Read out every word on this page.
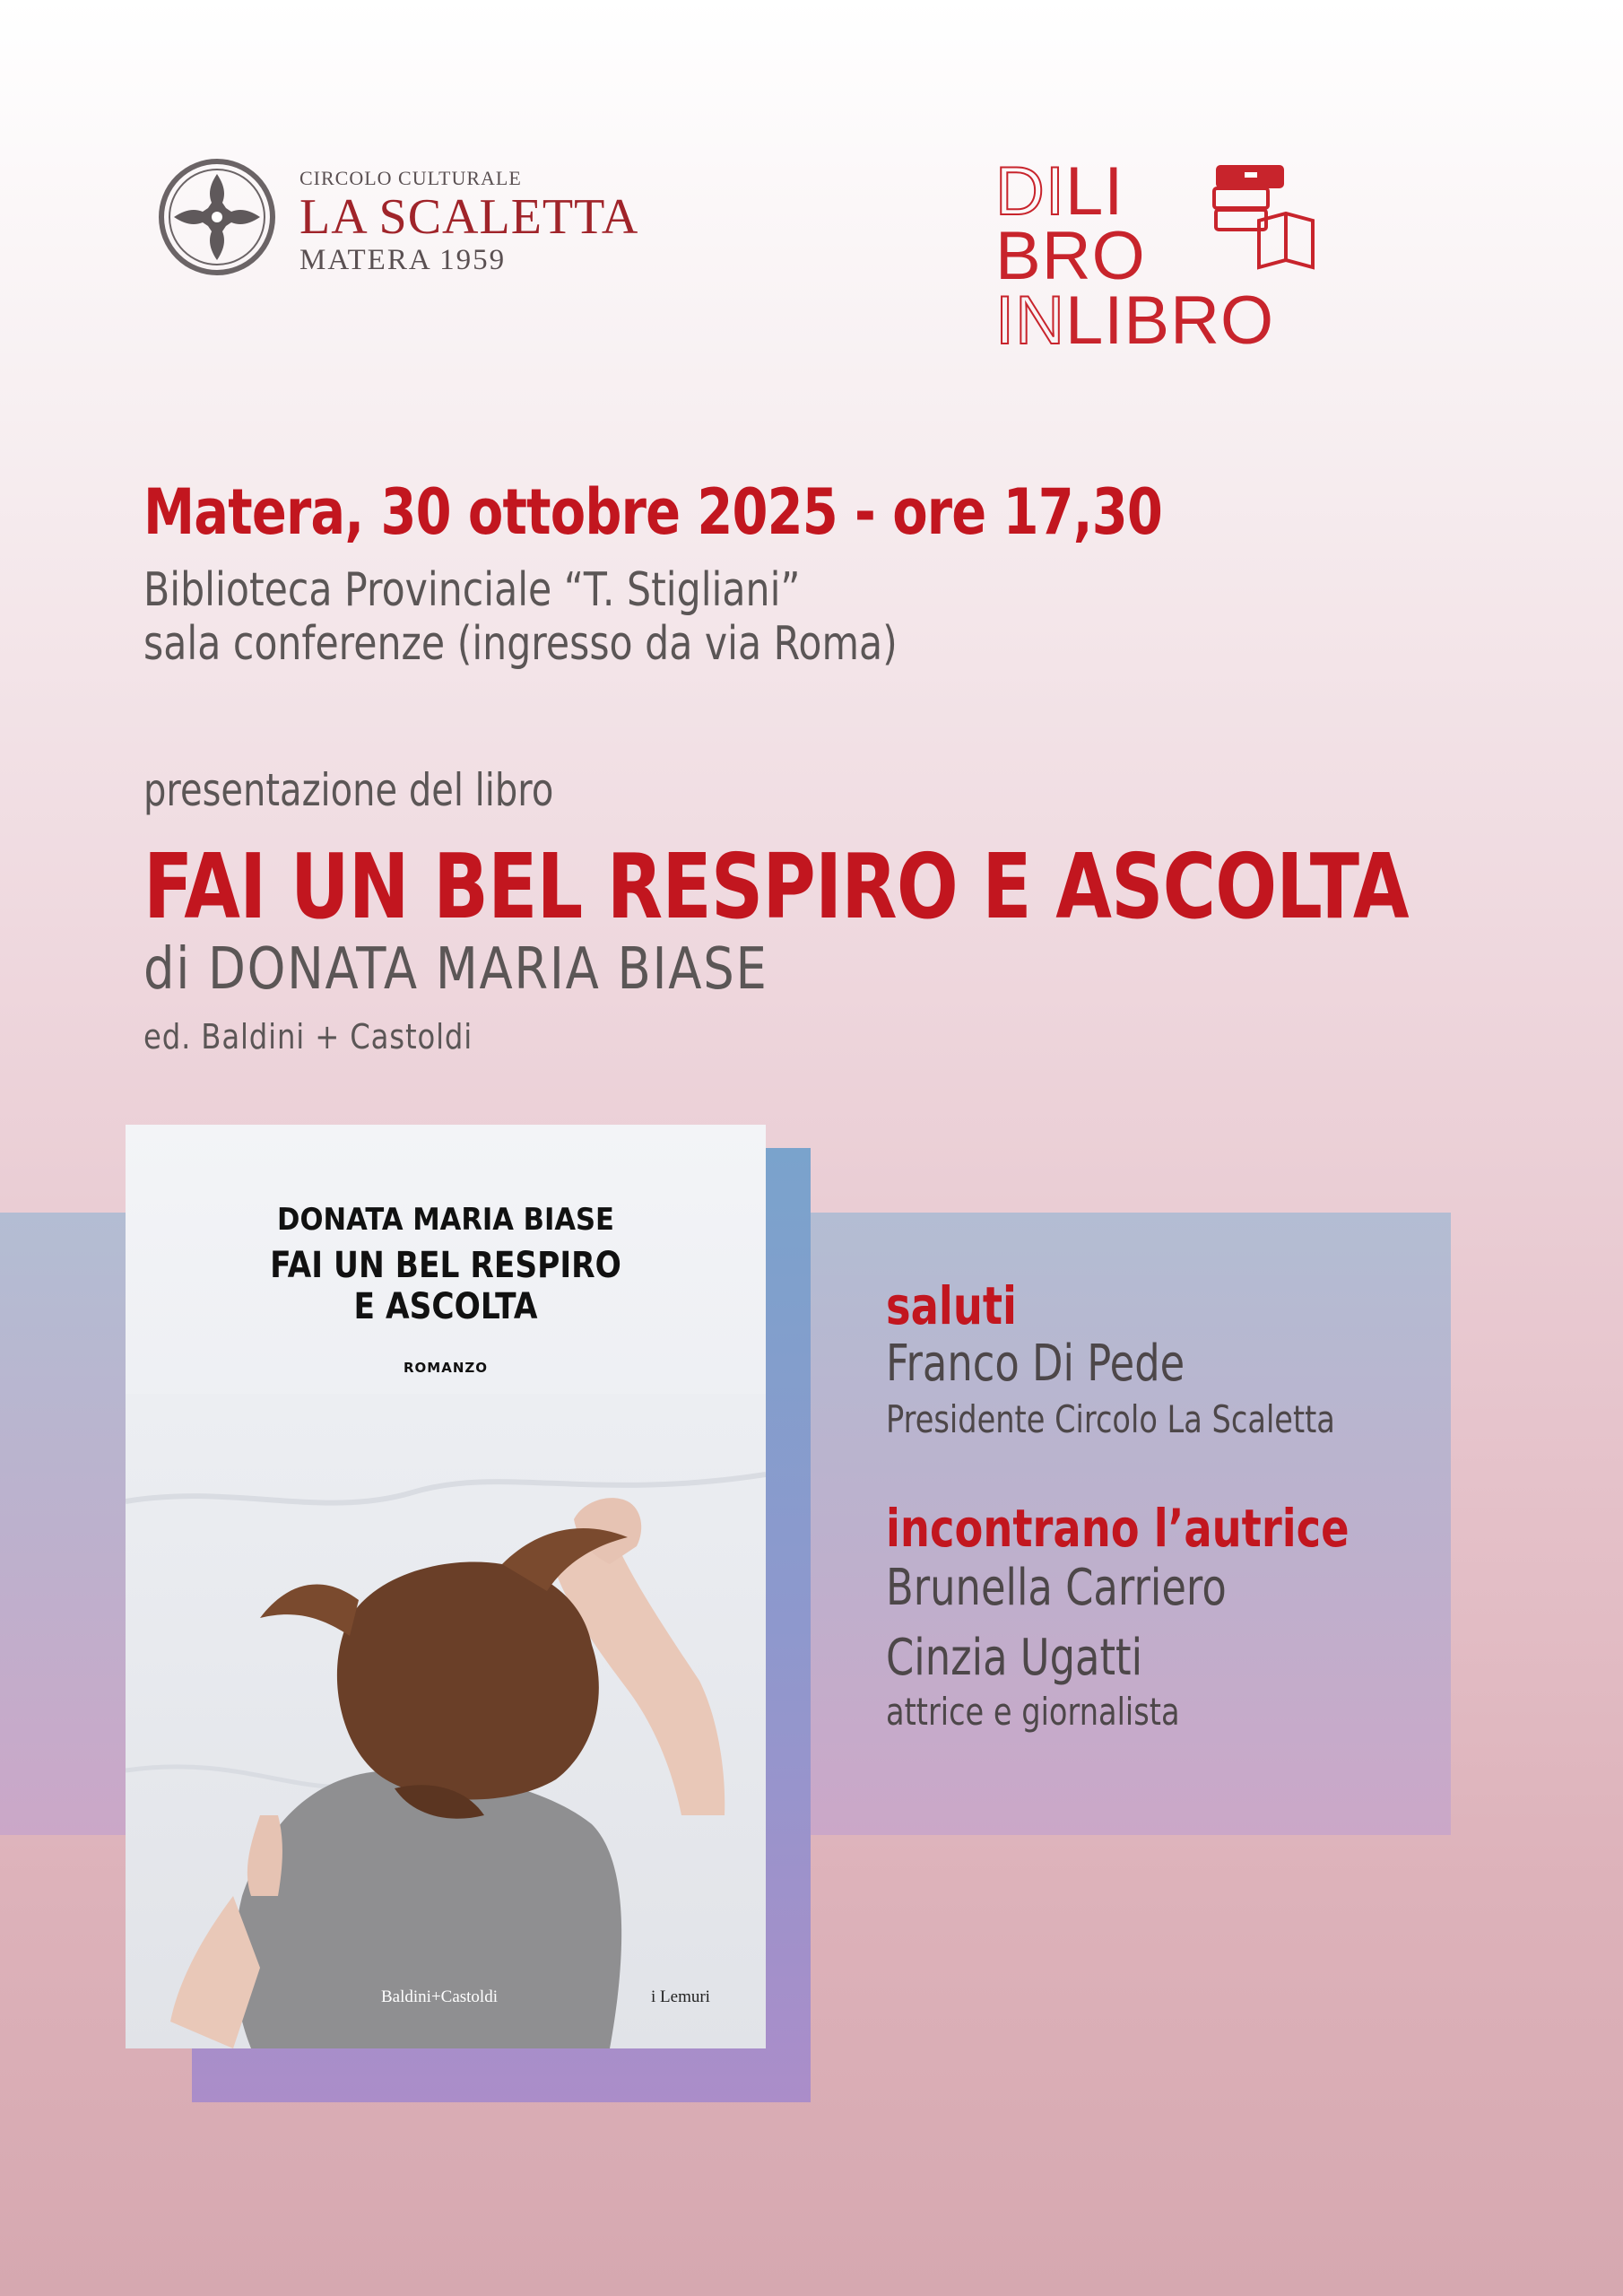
CIRCOLO CULTURALE
LA SCALETTA
MATERA 1959
DILI
BRO
INLIBRO
Matera, 30 ottobre 2025 - ore 17,30
Biblioteca Provinciale “T. Stigliani”
sala conferenze (ingresso da via Roma)
presentazione del libro
FAI UN BEL RESPIRO E ASCOLTA
di DONATA MARIA BIASE
ed. Baldini + Castoldi
DONATA MARIA BIASE
FAI UN BEL RESPIRO
E ASCOLTA
ROMANZO
Baldini+Castoldi	i Lemuri
saluti
Franco Di Pede
Presidente Circolo La Scaletta
incontrano l’autrice
Brunella Carriero
Cinzia Ugatti
attrice e giornalista
